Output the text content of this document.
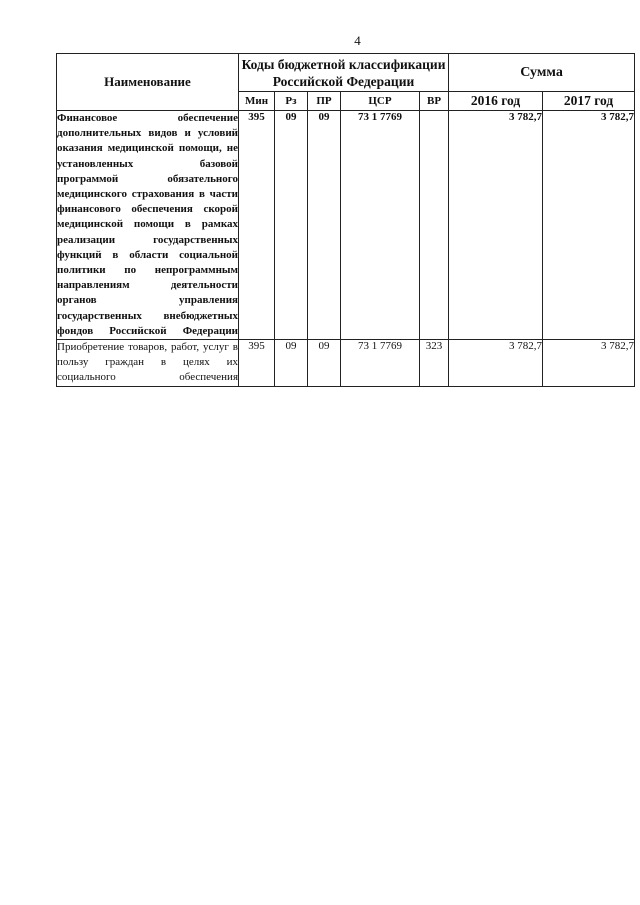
4
Наименование	Коды бюджетной классификации Российской Федерации					Сумма	
	Мин	Рз	ПР	ЦСР	ВР	2016 год	2017 год
Финансовое обеспечение дополнительных видов и условий оказания медицинской помощи, не установленных базовой программой обязательного медицинского страхования в части финансового обеспечения скорой медицинской помощи в рамках реализации государственных функций в области социальной политики по непрограммным направлениям деятельности органов управления государственных внебюджетных фондов Российской Федерации	395	09	09	73 1 7769		3 782,7	3 782,7
Приобретение товаров, работ, услуг в пользу граждан в целях их социального обеспечения	395	09	09	73 1 7769	323	3 782,7	3 782,7
